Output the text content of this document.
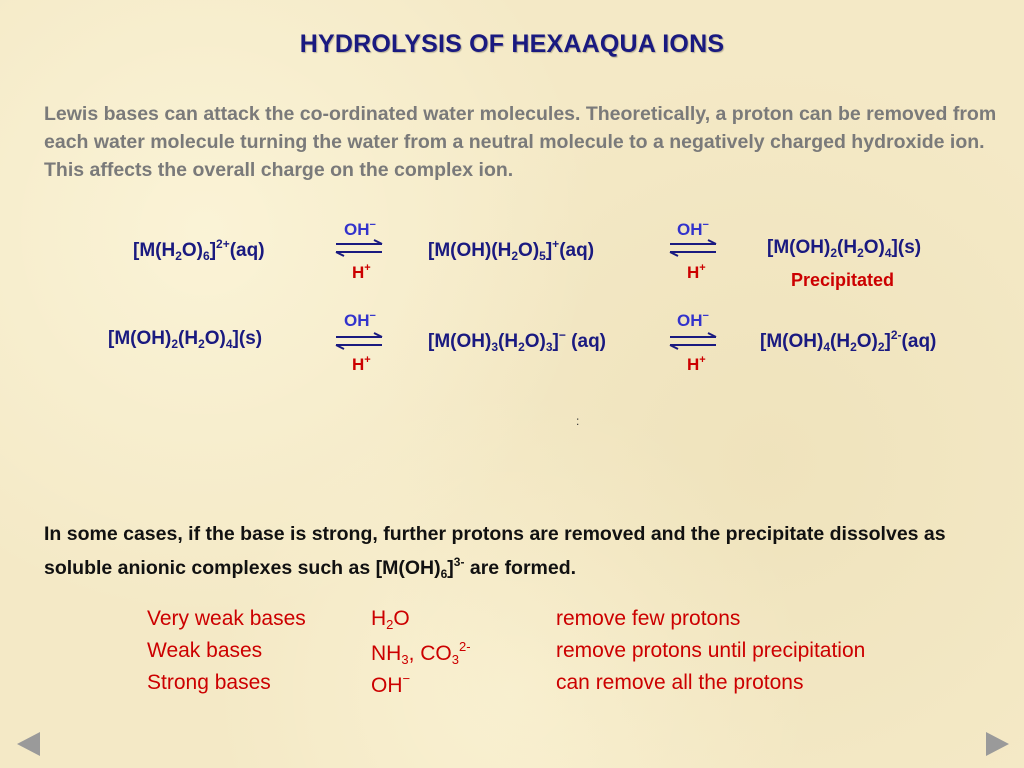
HYDROLYSIS OF HEXAAQUA IONS
Lewis bases can attack the co-ordinated water molecules. Theoretically, a proton can be removed from each water molecule turning the water from a neutral molecule to a negatively charged hydroxide ion. This affects the overall charge on the complex ion.
$[M(H_2O)_6]^{2+}(aq)$
OH−
H+
$[M(OH)(H_2O)_5]^+(aq)$
OH−
H+
$[M(OH)_2(H_2O)_4](s)$
Precipitated
$[M(OH)_2(H_2O)_4](s)$
OH−
H+
$[M(OH)_3(H_2O)_3]^-$ (aq)
OH−
H+
$[M(OH)_4(H_2O)_2]^{2-}(aq)$
:
In some cases, if the base is strong, further protons are removed and the precipitate dissolves as soluble anionic complexes such as $[M(OH)_6]^{3-}$ are formed.
Very weak bases	$H_2O$	remove few protons
Weak bases	$NH_3$, $CO_3^{2-}$	remove protons until precipitation
Strong bases	OH−	can remove all the protons
